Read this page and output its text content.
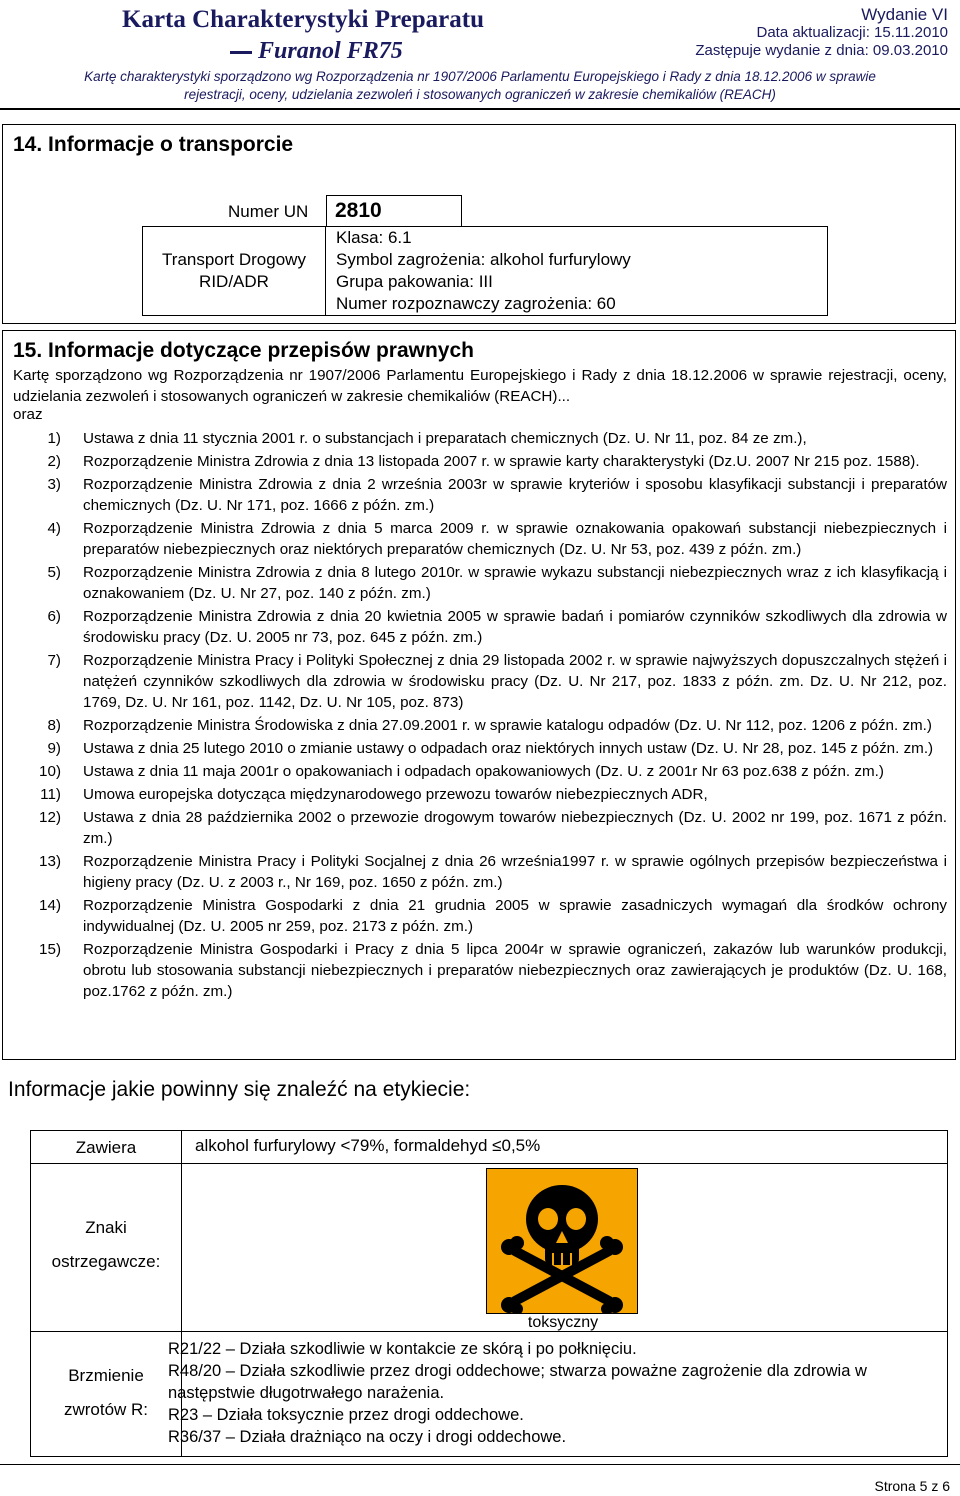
Karta Charakterystyki Preparatu
Furanol FR75
Wydanie VI
Data aktualizacji: 15.11.2010
Zastępuje wydanie z dnia: 09.03.2010
Kartę charakterystyki sporządzono wg Rozporządzenia nr 1907/2006 Parlamentu Europejskiego i Rady z dnia 18.12.2006 w sprawie
rejestracji, oceny, udzielania zezwoleń i stosowanych ograniczeń w zakresie chemikaliów (REACH)
14. Informacje o transporcie
Numer UN 2810
Transport Drogowy
RID/ADR
Klasa: 6.1
Symbol zagrożenia: alkohol furfurylowy
Grupa pakowania: III
Numer rozpoznawczy zagrożenia: 60
15. Informacje dotyczące przepisów prawnych
Kartę sporządzono wg Rozporządzenia nr 1907/2006 Parlamentu Europejskiego i Rady z dnia 18.12.2006 w sprawie rejestracji, oceny, udzielania zezwoleń i stosowanych ograniczeń w zakresie chemikaliów (REACH)...
oraz
1) Ustawa z dnia 11 stycznia 2001 r. o substancjach i preparatach chemicznych (Dz. U. Nr 11, poz. 84 ze zm.),
2) Rozporządzenie Ministra Zdrowia z dnia 13 listopada 2007 r. w sprawie karty charakterystyki (Dz.U. 2007 Nr 215 poz. 1588).
3) Rozporządzenie Ministra Zdrowia z dnia 2 września 2003r w sprawie kryteriów i sposobu klasyfikacji substancji i preparatów chemicznych (Dz. U. Nr 171, poz. 1666 z późn. zm.)
4) Rozporządzenie Ministra Zdrowia z dnia 5 marca 2009 r. w sprawie oznakowania opakowań substancji niebezpiecznych i preparatów niebezpiecznych oraz niektórych preparatów chemicznych (Dz. U. Nr 53, poz. 439 z późn. zm.)
5) Rozporządzenie Ministra Zdrowia z dnia 8 lutego 2010r. w sprawie wykazu substancji niebezpiecznych wraz z ich klasyfikacją i oznakowaniem (Dz. U. Nr 27, poz. 140 z późn. zm.)
6) Rozporządzenie Ministra Zdrowia z dnia 20 kwietnia 2005 w sprawie badań i pomiarów czynników szkodliwych dla zdrowia w środowisku pracy (Dz. U. 2005 nr 73, poz. 645 z późn. zm.)
7) Rozporządzenie Ministra Pracy i Polityki Społecznej z dnia 29 listopada 2002 r. w sprawie najwyższych dopuszczalnych stężeń i natężeń czynników szkodliwych dla zdrowia w środowisku pracy (Dz. U. Nr 217, poz. 1833 z późn. zm. Dz. U. Nr 212, poz. 1769, Dz. U. Nr 161, poz. 1142, Dz. U. Nr 105, poz. 873)
8) Rozporządzenie Ministra Środowiska z dnia 27.09.2001 r. w sprawie katalogu odpadów (Dz. U. Nr 112, poz. 1206 z późn. zm.)
9) Ustawa z dnia 25 lutego 2010 o zmianie ustawy o odpadach oraz niektórych innych ustaw (Dz. U. Nr 28, poz. 145 z późn. zm.)
10) Ustawa z dnia 11 maja 2001r o opakowaniach i odpadach opakowaniowych (Dz. U. z 2001r Nr 63 poz.638 z późn. zm.)
11) Umowa europejska dotycząca międzynarodowego przewozu towarów niebezpiecznych ADR,
12) Ustawa z dnia 28 października 2002 o przewozie drogowym towarów niebezpiecznych (Dz. U. 2002 nr 199, poz. 1671 z późn. zm.)
13) Rozporządzenie Ministra Pracy i Polityki Socjalnej z dnia 26 września1997 r. w sprawie ogólnych przepisów bezpieczeństwa i higieny pracy (Dz. U. z 2003 r., Nr 169, poz. 1650 z późn. zm.)
14) Rozporządzenie Ministra Gospodarki z dnia 21 grudnia 2005 w sprawie zasadniczych wymagań dla środków ochrony indywidualnej (Dz. U. 2005 nr 259, poz. 2173 z późn. zm.)
15) Rozporządzenie Ministra Gospodarki i Pracy z dnia 5 lipca 2004r w sprawie ograniczeń, zakazów lub warunków produkcji, obrotu lub stosowania substancji niebezpiecznych i preparatów niebezpiecznych oraz zawierających je produktów (Dz. U. 168, poz.1762 z późn. zm.)
Informacje jakie powinny się znaleźć na etykiecie:
Zawiera	alkohol furfurylowy <79%, formaldehyd ≤0,5%
Znaki
ostrzegawcze:
Brzmienie
zwrotów R:
toksyczny
R21/22 – Działa szkodliwie w kontakcie ze skórą i po połknięciu.
R48/20 – Działa szkodliwie przez drogi oddechowe; stwarza poważne zagrożenie dla zdrowia w następstwie długotrwałego narażenia.
R23 – Działa toksycznie przez drogi oddechowe.
R36/37 – Działa drażniąco na oczy i drogi oddechowe.
Strona 5 z 6
